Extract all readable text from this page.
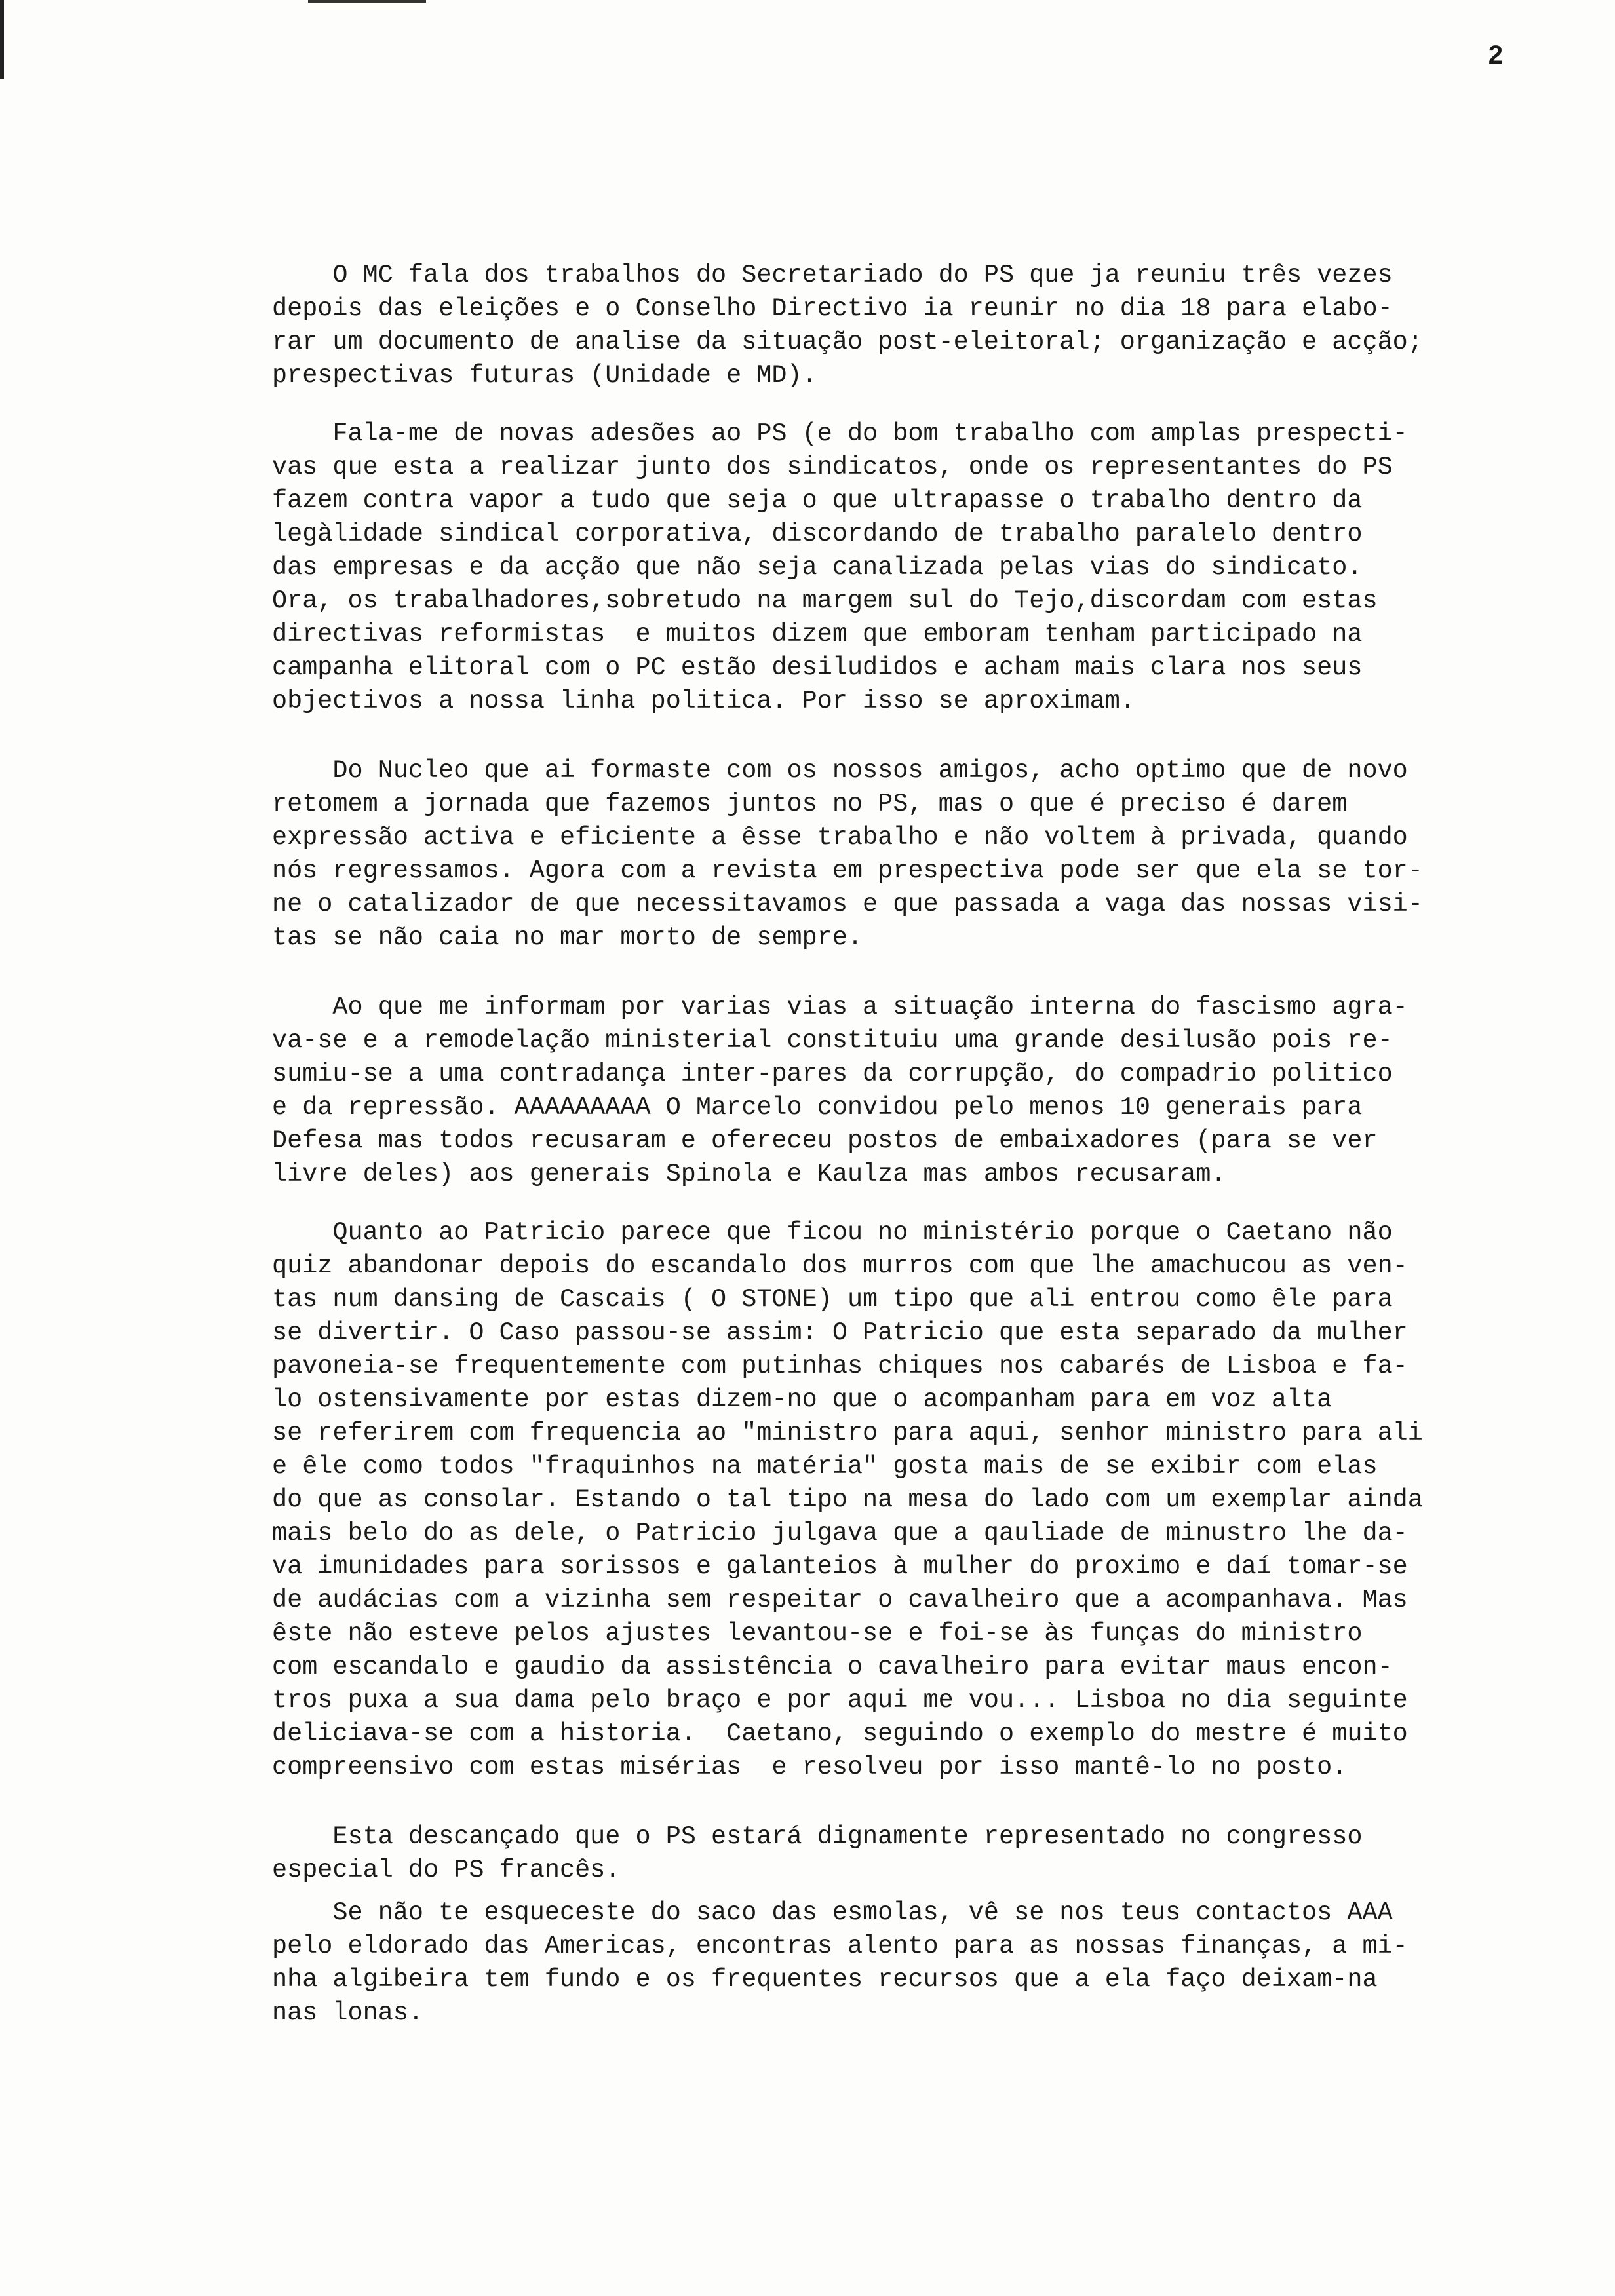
2
O MC fala dos trabalhos do Secretariado do PS que ja reuniu três vezes
depois das eleições e o Conselho Directivo ia reunir no dia 18 para elabo-
rar um documento de analise da situação post-eleitoral; organização e acção;
prespectivas futuras (Unidade e MD).
Fala-me de novas adesões ao PS (e do bom trabalho com amplas prespecti-
vas que esta a realizar junto dos sindicatos, onde os representantes do PS
fazem contra vapor a tudo que seja o que ultrapasse o trabalho dentro da
legàlidade sindical corporativa, discordando de trabalho paralelo dentro
das empresas e da acção que não seja canalizada pelas vias do sindicato.
Ora, os trabalhadores,sobretudo na margem sul do Tejo,discordam com estas
directivas reformistas  e muitos dizem que emboram tenham participado na
campanha elitoral com o PC estão desiludidos e acham mais clara nos seus
objectivos a nossa linha politica. Por isso se aproximam.
Do Nucleo que ai formaste com os nossos amigos, acho optimo que de novo
retomem a jornada que fazemos juntos no PS, mas o que é preciso é darem
expressão activa e eficiente a êsse trabalho e não voltem à privada, quando
nós regressamos. Agora com a revista em prespectiva pode ser que ela se tor-
ne o catalizador de que necessitavamos e que passada a vaga das nossas visi-
tas se não caia no mar morto de sempre.
Ao que me informam por varias vias a situação interna do fascismo agra-
va-se e a remodelação ministerial constituiu uma grande desilusão pois re-
sumiu-se a uma contradança inter-pares da corrupção, do compadrio politico
e da repressão. AAAAAAAAA O Marcelo convidou pelo menos 10 generais para
Defesa mas todos recusaram e ofereceu postos de embaixadores (para se ver
livre deles) aos generais Spinola e Kaulza mas ambos recusaram.
Quanto ao Patricio parece que ficou no ministério porque o Caetano não
quiz abandonar depois do escandalo dos murros com que lhe amachucou as ven-
tas num dansing de Cascais ( O STONE) um tipo que ali entrou como êle para
se divertir. O Caso passou-se assim: O Patricio que esta separado da mulher
pavoneia-se frequentemente com putinhas chiques nos cabarés de Lisboa e fa-
lo ostensivamente por estas dizem-no que o acompanham para em voz alta
se referirem com frequencia ao "ministro para aqui, senhor ministro para ali
e êle como todos "fraquinhos na matéria" gosta mais de se exibir com elas
do que as consolar. Estando o tal tipo na mesa do lado com um exemplar ainda
mais belo do as dele, o Patricio julgava que a qauliade de minustro lhe da-
va imunidades para sorissos e galanteios à mulher do proximo e daí tomar-se
de audácias com a vizinha sem respeitar o cavalheiro que a acompanhava. Mas
êste não esteve pelos ajustes levantou-se e foi-se às funças do ministro
com escandalo e gaudio da assistência o cavalheiro para evitar maus encon-
tros puxa a sua dama pelo braço e por aqui me vou... Lisboa no dia seguinte
deliciava-se com a historia.  Caetano, seguindo o exemplo do mestre é muito
compreensivo com estas misérias  e resolveu por isso mantê-lo no posto.
Esta descançado que o PS estará dignamente representado no congresso
especial do PS francês.
Se não te esqueceste do saco das esmolas, vê se nos teus contactos AAA
pelo eldorado das Americas, encontras alento para as nossas finanças, a mi-
nha algibeira tem fundo e os frequentes recursos que a ela faço deixam-na
nas lonas.
